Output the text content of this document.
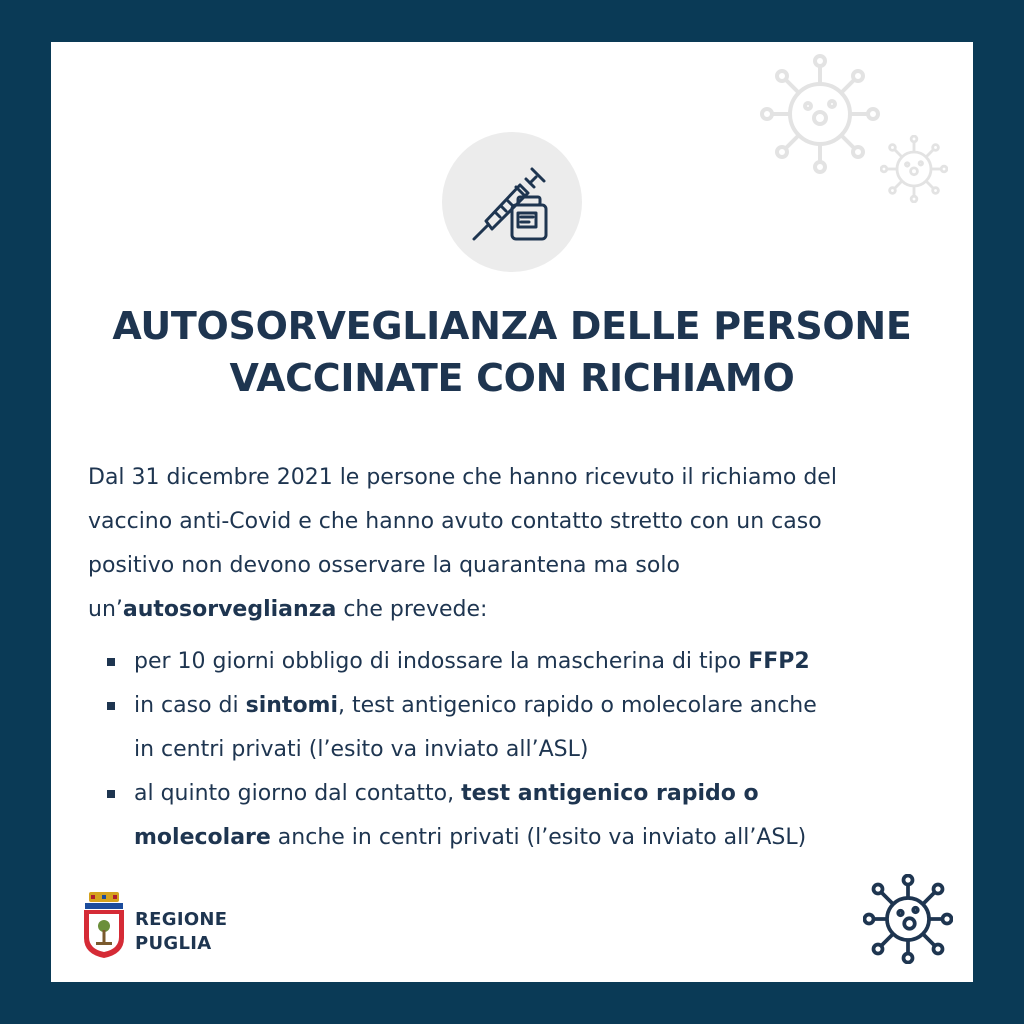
AUTOSORVEGLIANZA DELLE PERSONE
VACCINATE CON RICHIAMO
Dal 31 dicembre 2021 le persone che hanno ricevuto il richiamo del
vaccino anti-Covid e che hanno avuto contatto stretto con un caso
positivo non devono osservare la quarantena ma solo
un’autosorveglianza che prevede:
per 10 giorni obbligo di indossare la mascherina di tipo FFP2
in caso di sintomi, test antigenico rapido o molecolare anche
in centri privati (l’esito va inviato all’ASL)
al quinto giorno dal contatto, test antigenico rapido o
molecolare anche in centri privati (l’esito va inviato all’ASL)
REGIONE
PUGLIA
